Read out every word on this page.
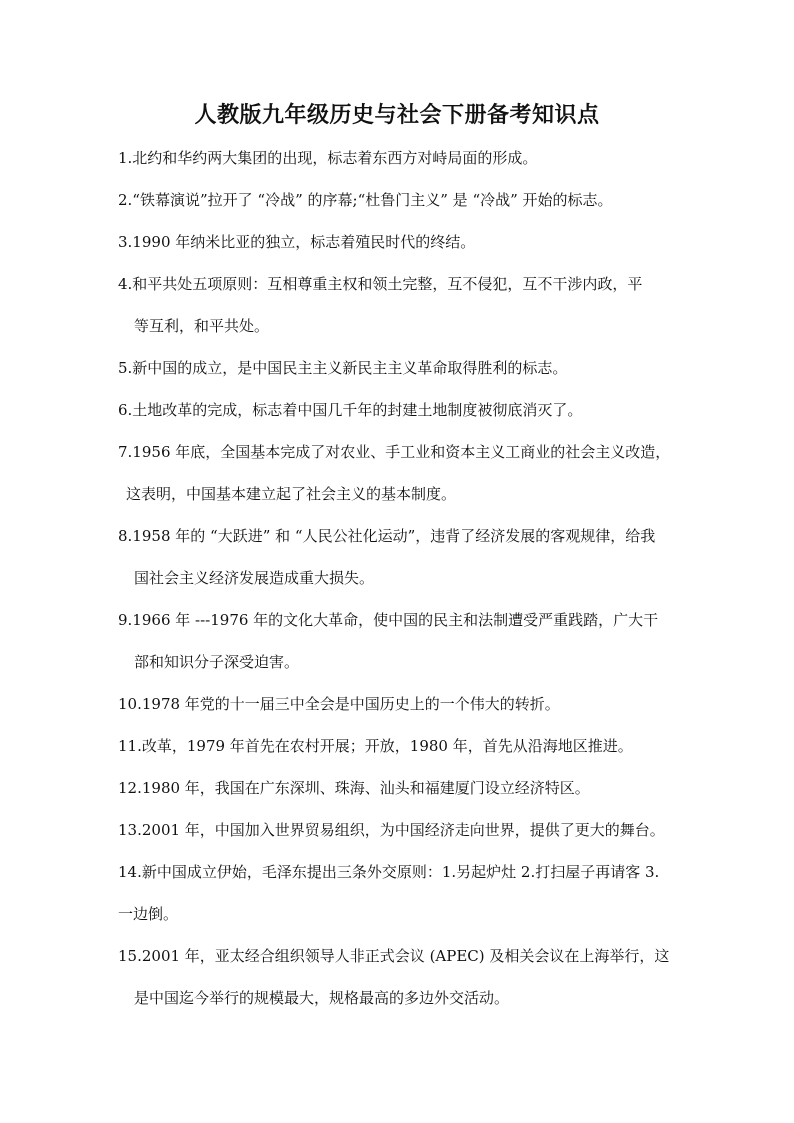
人教版九年级历史与社会下册备考知识点
1.北约和华约两大集团的出现，标志着东西方对峙局面的形成。
2.“铁幕演说”拉开了 “冷战” 的序幕;“杜鲁门主义” 是 “冷战” 开始的标志。
3.1990 年纳米比亚的独立，标志着殖民时代的终结。
4.和平共处五项原则：互相尊重主权和领土完整，互不侵犯，互不干涉内政，平
等互利，和平共处。
5.新中国的成立，是中国民主主义新民主主义革命取得胜利的标志。
6.土地改革的完成，标志着中国几千年的封建土地制度被彻底消灭了。
7.1956 年底，全国基本完成了对农业、手工业和资本主义工商业的社会主义改造，
这表明，中国基本建立起了社会主义的基本制度。
8.1958 年的 “大跃进” 和 “人民公社化运动”，违背了经济发展的客观规律，给我
国社会主义经济发展造成重大损失。
9.1966 年 ---1976 年的文化大革命，使中国的民主和法制遭受严重践踏，广大干
部和知识分子深受迫害。
10.1978 年党的十一届三中全会是中国历史上的一个伟大的转折。
11.改革，1979 年首先在农村开展；开放，1980 年，首先从沿海地区推进。
12.1980 年，我国在广东深圳、珠海、汕头和福建厦门设立经济特区。
13.2001 年，中国加入世界贸易组织，为中国经济走向世界，提供了更大的舞台。
14.新中国成立伊始，毛泽东提出三条外交原则：1.另起炉灶 2.打扫屋子再请客 3.
一边倒。
15.2001 年，亚太经合组织领导人非正式会议 (APEC) 及相关会议在上海举行，这
是中国迄今举行的规模最大，规格最高的多边外交活动。
